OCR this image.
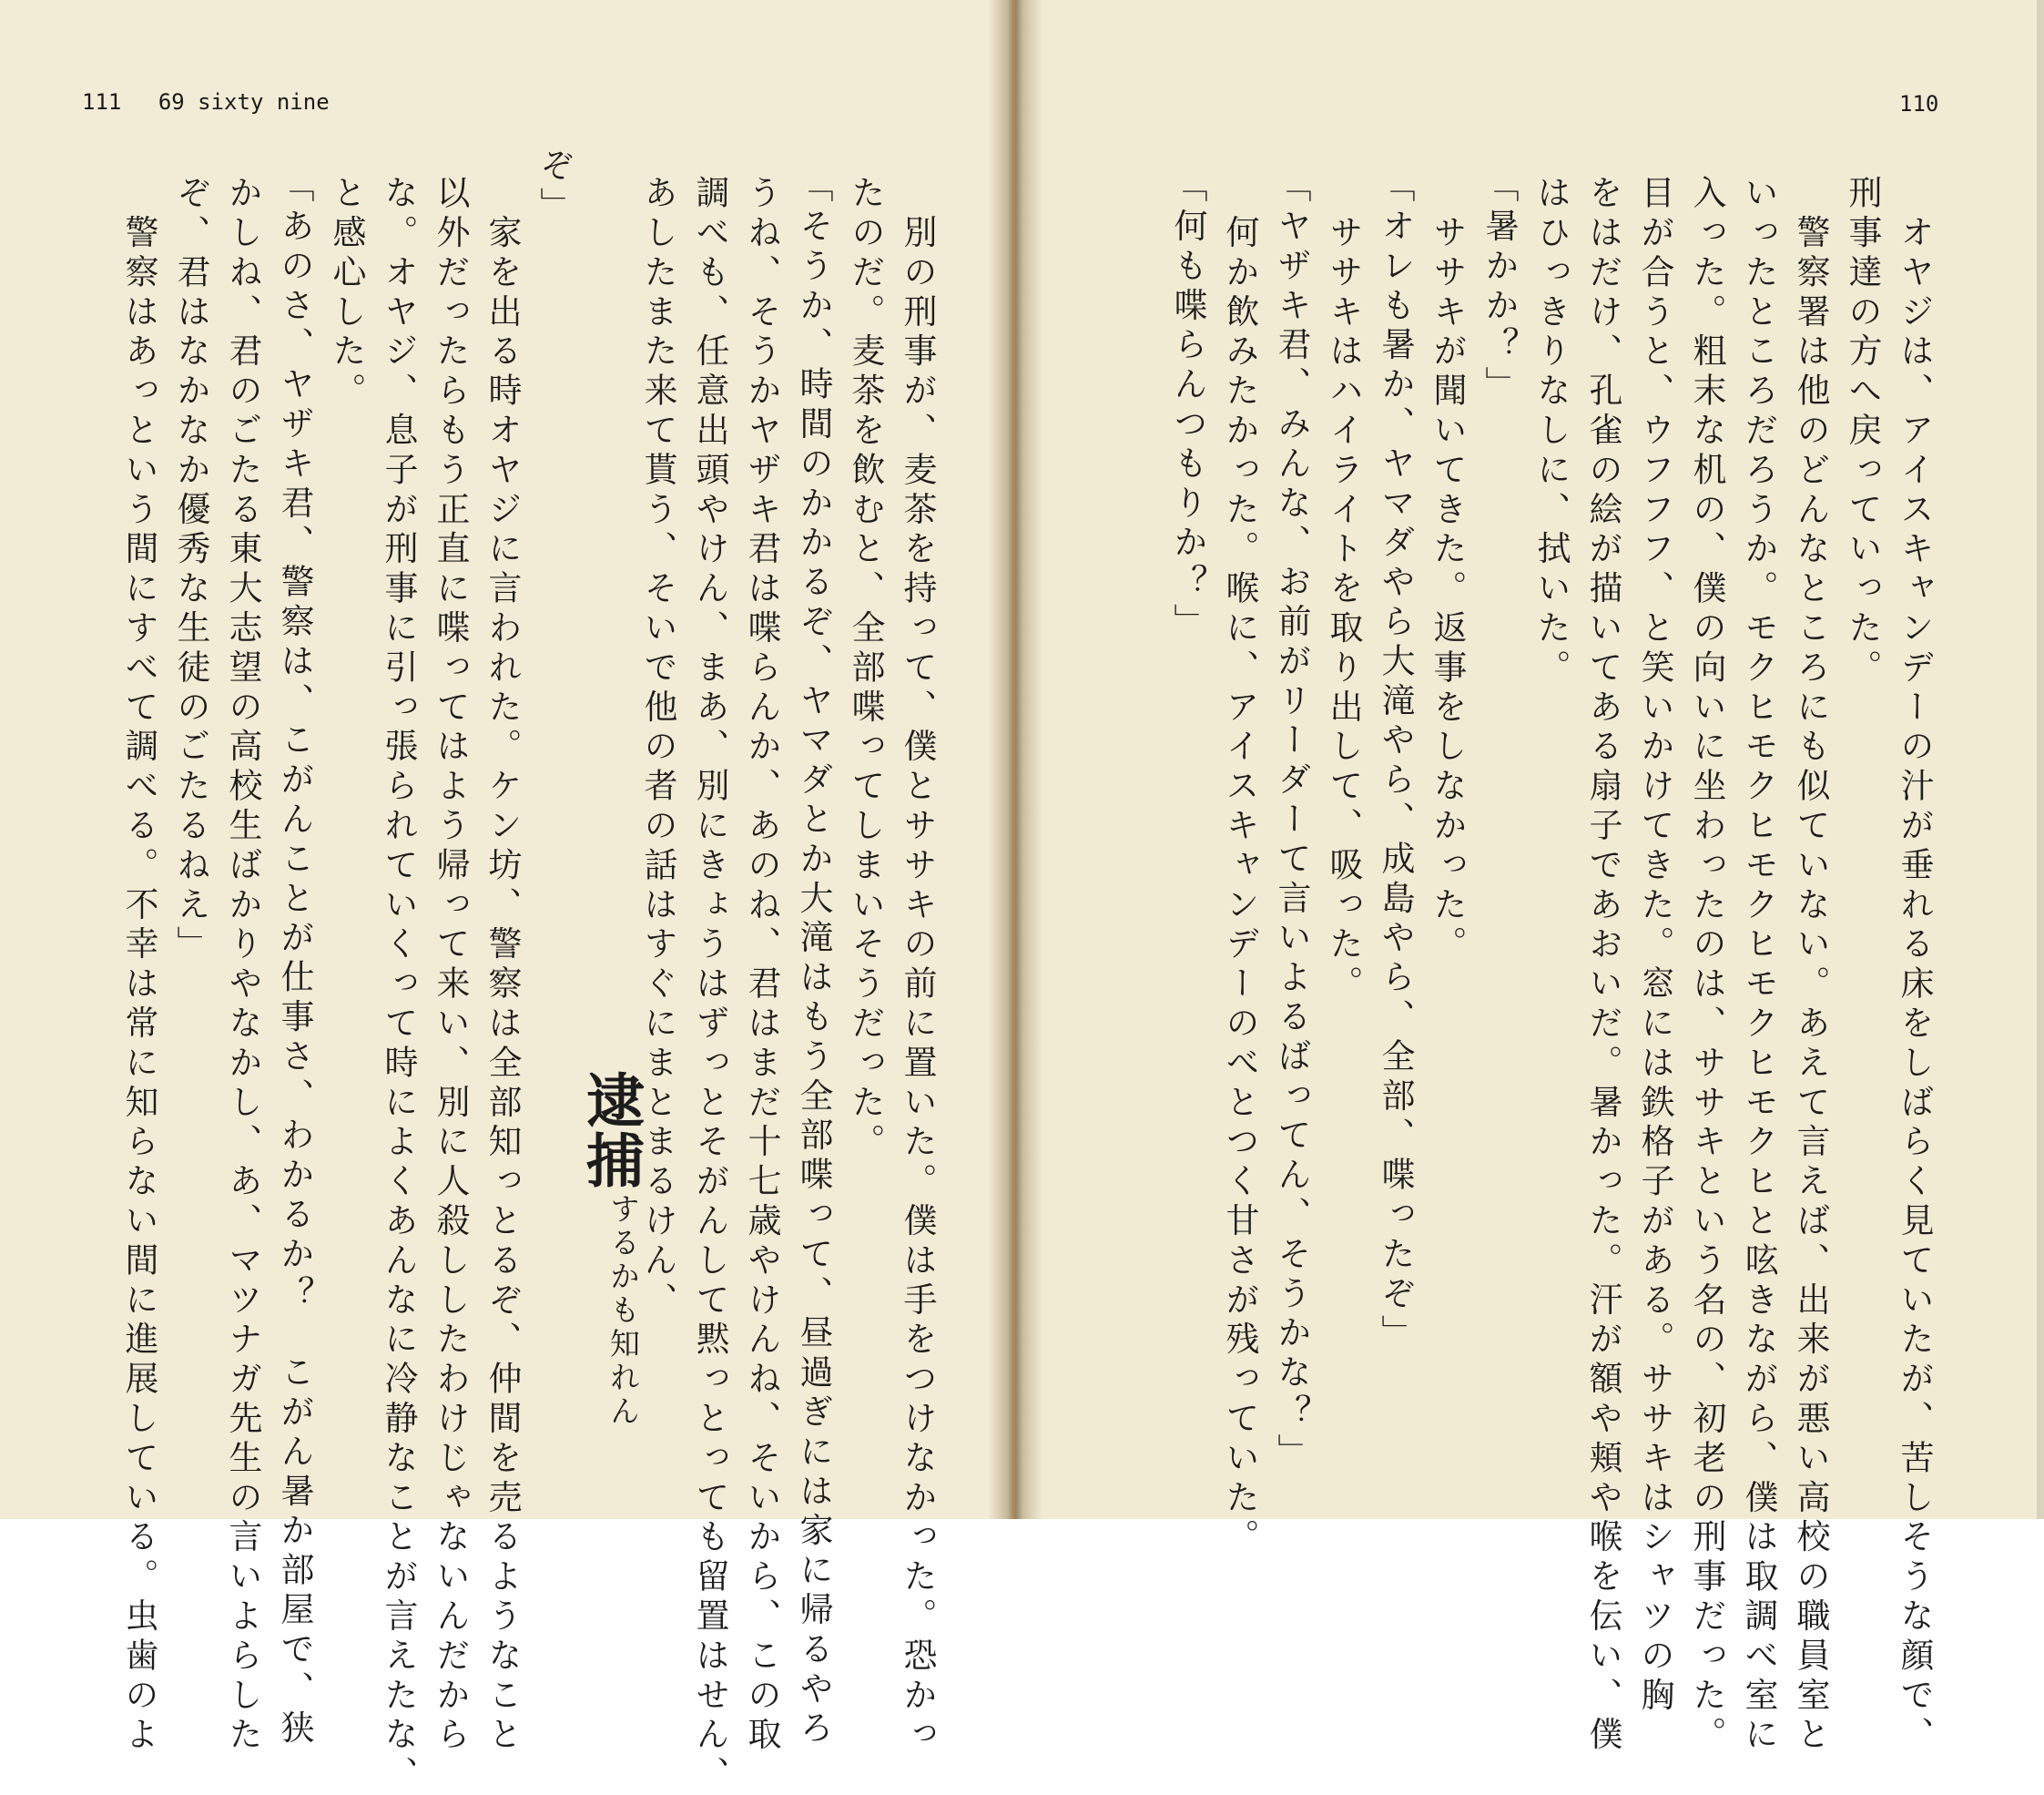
111 69 sixty nine	110
　オヤジは、アイスキャンデーの汁が垂れる床をしばらく見ていたが、苦しそうな顔で、
刑事達の方へ戻っていった。
　警察署は他のどんなところにも似ていない。あえて言えば、出来が悪い高校の職員室と
いったところだろうか。モクヒモクヒモクヒモクヒモクヒと呟きながら、僕は取調べ室に
入った。粗末な机の、僕の向いに坐わったのは、ササキという名の、初老の刑事だった。
目が合うと、ウフフフ、と笑いかけてきた。窓には鉄格子がある。ササキはシャツの胸
をはだけ、孔雀の絵が描いてある扇子であおいだ。暑かった。汗が額や頬や喉を伝い、僕
はひっきりなしに、拭いた。
「暑かか？」
　ササキが聞いてきた。返事をしなかった。
「オレも暑か、ヤマダやら大滝やら、成島やら、全部、喋ったぞ」
　ササキはハイライトを取り出して、吸った。
「ヤザキ君、みんな、お前がリーダーて言いよるばってん、そうかな？」
　何か飲みたかった。喉に、アイスキャンデーのべとつく甘さが残っていた。
「何も喋らんつもりか？」
　別の刑事が、麦茶を持って、僕とササキの前に置いた。僕は手をつけなかった。恐かっ
たのだ。麦茶を飲むと、全部喋ってしまいそうだった。
「そうか、時間のかかるぞ、ヤマダとか大滝はもう全部喋って、昼過ぎには家に帰るやろ
うね、そうかヤザキ君は喋らんか、あのね、君はまだ十七歳やけんね、そいから、この取
調べも、任意出頭やけん、まあ、別にきょうはずっとそがんして黙っとっても留置はせん、
あしたまた来て貰う、そいで他の者の話はすぐにまとまるけん、
逮捕
するかも知れん
ぞ」
　家を出る時オヤジに言われた。ケン坊、警察は全部知っとるぞ、仲間を売るようなこと
以外だったらもう正直に喋ってはよう帰って来い、別に人殺ししたわけじゃないんだから
な。オヤジ、息子が刑事に引っ張られていくって時によくあんなに冷静なことが言えたな、
と感心した。
「あのさ、ヤザキ君、警察は、こがんことが仕事さ、わかるか？　こがん暑か部屋で、狭
かしね、君のごたる東大志望の高校生ばかりやなかし、あ、マツナガ先生の言いよらした
ぞ、君はなかなか優秀な生徒のごたるねえ」
　警察はあっという間にすべて調べる。不幸は常に知らない間に進展している。虫歯のよ
